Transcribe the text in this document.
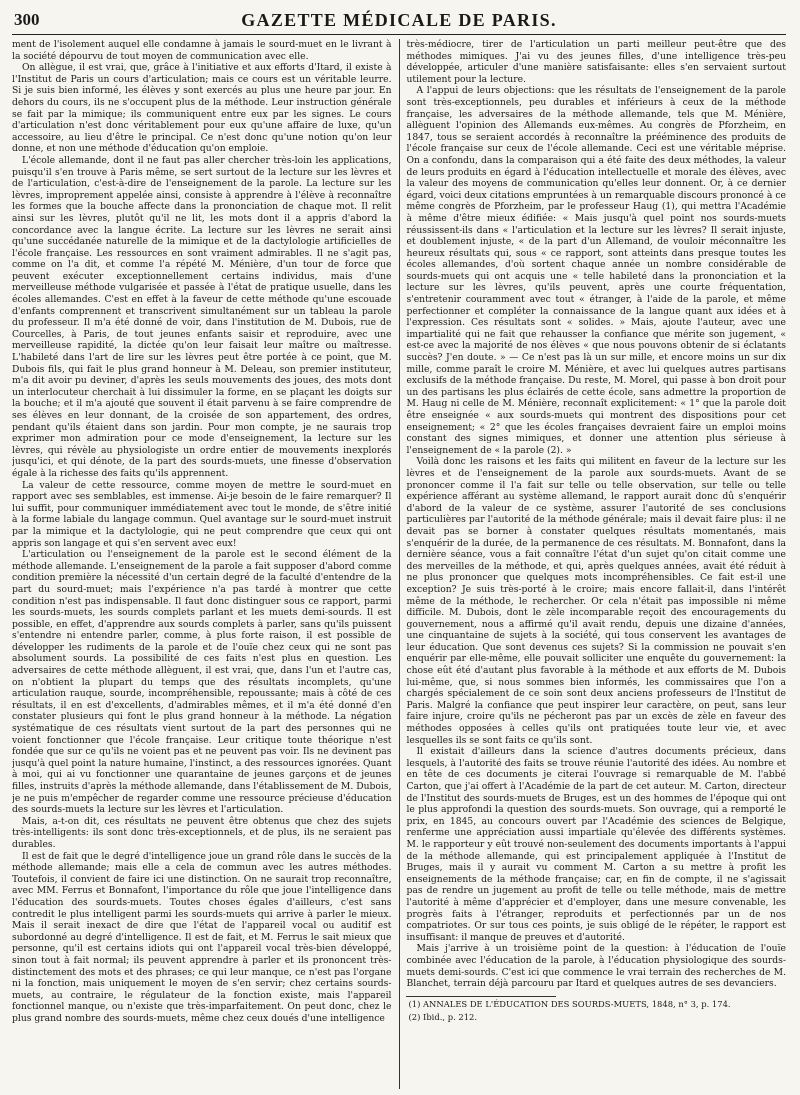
300	GAZETTE MÉDICALE DE PARIS.

ment de l'isolement auquel elle condamne à jamais le sourd-muet en le livrant à la société dépourvu de tout moyen de communication avec elle.

On allègue, il est vrai, que, grâce à l'initiative et aux efforts d'Itard, il existe à l'Institut de Paris un cours d'articulation; mais ce cours est un véritable leurre. Si je suis bien informé, les élèves y sont exercés au plus une heure par jour. En dehors du cours, ils ne s'occupent plus de la méthode. Leur instruction générale se fait par la mimique; ils communiquent entre eux par les signes. Le cours d'articulation n'est donc véritablement pour eux qu'une affaire de luxe, qu'un accessoire, au lieu d'être le principal. Ce n'est donc qu'une notion qu'on leur donne, et non une méthode d'éducation qu'on emploie.

L'école allemande, dont il ne faut pas aller chercher très-loin les applications, puisqu'il s'en trouve à Paris même, se sert surtout de la lecture sur les lèvres et de l'articulation, c'est-à-dire de l'enseignement de la parole. La lecture sur les lèvres, improprement appelée ainsi, consiste à apprendre à l'élève à reconnaître les formes que la bouche affecte dans la prononciation de chaque mot. Il relit ainsi sur les lèvres, plutôt qu'il ne lit, les mots dont il a appris d'abord la concordance avec la langue écrite. La lecture sur les lèvres ne serait ainsi qu'une succédanée naturelle de la mimique et de la dactylologie artificielles de l'école française. Les ressources en sont vraiment admirables. Il ne s'agit pas, comme on l'a dit, et comme l'a répété M. Ménière, d'un tour de force que peuvent exécuter exceptionnellement certains individus, mais d'une merveilleuse méthode vulgarisée et passée à l'état de pratique usuelle, dans les écoles allemandes. C'est en effet à la faveur de cette méthode qu'une escouade d'enfants comprennent et transcrivent simultanément sur un tableau la parole du professeur. Il m'a été donné de voir, dans l'institution de M. Dubois, rue de Courcelles, à Paris, de tout jeunes enfants saisir et reproduire, avec une merveilleuse rapidité, la dictée qu'on leur faisait leur maître ou maîtresse. L'habileté dans l'art de lire sur les lèvres peut être portée à ce point, que M. Dubois fils, qui fait le plus grand honneur à M. Deleau, son premier instituteur, m'a dit avoir pu deviner, d'après les seuls mouvements des joues, des mots dont un interlocuteur cherchait à lui dissimuler la forme, en se plaçant les doigts sur la bouche; et il m'a ajouté que souvent il était parvenu à se faire comprendre de ses élèves en leur donnant, de la croisée de son appartement, des ordres, pendant qu'ils étaient dans son jardin. Pour mon compte, je ne saurais trop exprimer mon admiration pour ce mode d'enseignement, la lecture sur les lèvres, qui révèle au physiologiste un ordre entier de mouvements inexplorés jusqu'ici, et qui dénote, de la part des sourds-muets, une finesse d'observation égale à la richesse des faits qu'ils apprennent.

La valeur de cette ressource, comme moyen de mettre le sourd-muet en rapport avec ses semblables, est immense. Ai-je besoin de le faire remarquer? Il lui suffit, pour communiquer immédiatement avec tout le monde, de s'être initié à la forme labiale du langage commun. Quel avantage sur le sourd-muet instruit par la mimique et la dactylologie, qui ne peut comprendre que ceux qui ont appris son langage et qui s'en servent avec eux!

L'articulation ou l'enseignement de la parole est le second élément de la méthode allemande. L'enseignement de la parole a fait supposer d'abord comme condition première la nécessité d'un certain degré de la faculté d'entendre de la part du sourd-muet; mais l'expérience n'a pas tardé à montrer que cette condition n'est pas indispensable. Il faut donc distinguer sous ce rapport, parmi les sourds-muets, les sourds complets parlant et les muets demi-sourds. Il est possible, en effet, d'apprendre aux sourds complets à parler, sans qu'ils puissent s'entendre ni entendre parler, comme, à plus forte raison, il est possible de développer les rudiments de la parole et de l'ouïe chez ceux qui ne sont pas absolument sourds. La possibilité de ces faits n'est plus en question. Les adversaires de cette méthode allèguent, il est vrai, que, dans l'un et l'autre cas, on n'obtient la plupart du temps que des résultats incomplets, qu'une articulation rauque, sourde, incompréhensible, repoussante; mais à côté de ces résultats, il en est d'excellents, d'admirables mêmes, et il m'a été donné d'en constater plusieurs qui font le plus grand honneur à la méthode. La négation systématique de ces résultats vient surtout de la part des personnes qui ne voient fonctionner que l'école française. Leur critique toute théorique n'est fondée que sur ce qu'ils ne voient pas et ne peuvent pas voir. Ils ne devinent pas jusqu'à quel point la nature humaine, l'instinct, a des ressources ignorées. Quant à moi, qui ai vu fonctionner une quarantaine de jeunes garçons et de jeunes filles, instruits d'après la méthode allemande, dans l'établissement de M. Dubois, je ne puis m'empêcher de regarder comme une ressource précieuse d'éducation des sourds-muets la lecture sur les lèvres et l'articulation.

Mais, a-t-on dit, ces résultats ne peuvent être obtenus que chez des sujets très-intelligents: ils sont donc très-exceptionnels, et de plus, ils ne seraient pas durables.

Il est de fait que le degré d'intelligence joue un grand rôle dans le succès de la méthode allemande; mais elle a cela de commun avec les autres méthodes. Toutefois, il convient de faire ici une distinction. On ne saurait trop reconnaître, avec MM. Ferrus et Bonnafont, l'importance du rôle que joue l'intelligence dans l'éducation des sourds-muets. Toutes choses égales d'ailleurs, c'est sans contredit le plus intelligent parmi les sourds-muets qui arrive à parler le mieux. Mais il serait inexact de dire que l'état de l'appareil vocal ou auditif est subordonné au degré d'intelligence. Il est de fait, et M. Ferrus le sait mieux que personne, qu'il est certains idiots qui ont l'appareil vocal très-bien développé, sinon tout à fait normal; ils peuvent apprendre à parler et ils prononcent très-distinctement des mots et des phrases; ce qui leur manque, ce n'est pas l'organe ni la fonction, mais uniquement le moyen de s'en servir; chez certains sourds-muets, au contraire, le régulateur de la fonction existe, mais l'appareil fonctionnel manque, ou n'existe que très-imparfaitement. On peut donc, chez le plus grand nombre des sourds-muets, même chez ceux doués d'une intelligence

très-médiocre, tirer de l'articulation un parti meilleur peut-être que des méthodes mimiques. J'ai vu des jeunes filles, d'une intelligence très-peu développée, articuler d'une manière satisfaisante: elles s'en servaient surtout utilement pour la lecture.

A l'appui de leurs objections: que les résultats de l'enseignement de la parole sont très-exceptionnels, peu durables et inférieurs à ceux de la méthode française, les adversaires de la méthode allemande, tels que M. Ménière, allèguent l'opinion des Allemands eux-mêmes. Au congrès de Pforzheim, en 1847, tous se seraient accordés à reconnaître la prééminence des produits de l'école française sur ceux de l'école allemande. Ceci est une véritable méprise. On a confondu, dans la comparaison qui a été faite des deux méthodes, la valeur de leurs produits en égard à l'éducation intellectuelle et morale des élèves, avec la valeur des moyens de communication qu'elles leur donnent. Or, à ce dernier égard, voici deux citations empruntées à un remarquable discours prononcé à ce même congrès de Pforzheim, par le professeur Haug (1), qui mettra l'Académie à même d'être mieux édifiée: « Mais jusqu'à quel point nos sourds-muets réussissent-ils dans « l'articulation et la lecture sur les lèvres? Il serait injuste, et doublement injuste, « de la part d'un Allemand, de vouloir méconnaître les heureux résultats qui, sous « ce rapport, sont atteints dans presque toutes les écoles allemandes, d'où sortent chaque année un nombre considérable de sourds-muets qui ont acquis une « telle habileté dans la prononciation et la lecture sur les lèvres, qu'ils peuvent, après une courte fréquentation, s'entretenir couramment avec tout « étranger, à l'aide de la parole, et même perfectionner et compléter la connaissance de la langue quant aux idées et à l'expression. Ces résultats sont « solides. » Mais, ajoute l'auteur, avec une impartialité qui ne fait que rehausser la confiance que mérite son jugement, « est-ce avec la majorité de nos élèves « que nous pouvons obtenir de si éclatants succès? J'en doute. » — Ce n'est pas là un sur mille, et encore moins un sur dix mille, comme paraît le croire M. Ménière, et avec lui quelques autres partisans exclusifs de la méthode française. Du reste, M. Morel, qui passe à bon droit pour un des partisans les plus éclairés de cette école, sans admettre la proportion de M. Haug ni celle de M. Ménière, reconnaît explicitement: « 1° que la parole doit être enseignée « aux sourds-muets qui montrent des dispositions pour cet enseignement; « 2° que les écoles françaises devraient faire un emploi moins constant des signes mimiques, et donner une attention plus sérieuse à l'enseignement de « la parole (2). »

Voilà donc les raisons et les faits qui militent en faveur de la lecture sur les lèvres et de l'enseignement de la parole aux sourds-muets. Avant de se prononcer comme il l'a fait sur telle ou telle observation, sur telle ou telle expérience afférant au système allemand, le rapport aurait donc dû s'enquérir d'abord de la valeur de ce système, assurer l'autorité de ses conclusions particulières par l'autorité de la méthode générale; mais il devait faire plus: il ne devait pas se borner à constater quelques résultats momentanés, mais s'enquérir de la durée, de la permanence de ces résultats. M. Bonnafont, dans la dernière séance, vous a fait connaître l'état d'un sujet qu'on citait comme une des merveilles de la méthode, et qui, après quelques années, avait été réduit à ne plus prononcer que quelques mots incompréhensibles. Ce fait est-il une exception? Je suis très-porté à le croire; mais encore fallait-il, dans l'intérêt même de la méthode, le rechercher. Or cela n'était pas impossible ni même difficile. M. Dubois, dont le zèle incomparable reçoit des encouragements du gouvernement, nous a affirmé qu'il avait rendu, depuis une dizaine d'années, une cinquantaine de sujets à la société, qui tous conservent les avantages de leur éducation. Que sont devenus ces sujets? Si la commission ne pouvait s'en enquérir par elle-même, elle pouvait solliciter une enquête du gouvernement: la chose eût été d'autant plus favorable à la méthode et aux efforts de M. Dubois lui-même, que, si nous sommes bien informés, les commissaires que l'on a chargés spécialement de ce soin sont deux anciens professeurs de l'Institut de Paris. Malgré la confiance que peut inspirer leur caractère, on peut, sans leur faire injure, croire qu'ils ne pécheront pas par un excès de zèle en faveur des méthodes opposées à celles qu'ils ont pratiquées toute leur vie, et avec lesquelles ils se sont faits ce qu'ils sont.

Il existait d'ailleurs dans la science d'autres documents précieux, dans lesquels, à l'autorité des faits se trouve réunie l'autorité des idées. Au nombre et en tête de ces documents je citerai l'ouvrage si remarquable de M. l'abbé Carton, que j'ai offert à l'Académie de la part de cet auteur. M. Carton, directeur de l'Institut des sourds-muets de Bruges, est un des hommes de l'époque qui ont le plus approfondi la question des sourds-muets. Son ouvrage, qui a remporté le prix, en 1845, au concours ouvert par l'Académie des sciences de Belgique, renferme une appréciation aussi impartiale qu'élevée des différents systèmes. M. le rapporteur y eût trouvé non-seulement des documents importants à l'appui de la méthode allemande, qui est principalement appliquée à l'Institut de Bruges, mais il y aurait vu comment M. Carton a su mettre à profit les enseignements de la méthode française; car, en fin de compte, il ne s'agissait pas de rendre un jugement au profit de telle ou telle méthode, mais de mettre l'autorité à même d'apprécier et d'employer, dans une mesure convenable, les progrès faits à l'étranger, reproduits et perfectionnés par un de nos compatriotes. Or sur tous ces points, je suis obligé de le répéter, le rapport est insuffisant: il manque de preuves et d'autorité.

Mais j'arrive à un troisième point de la question: à l'éducation de l'ouïe combinée avec l'éducation de la parole, à l'éducation physiologique des sourds-muets demi-sourds. C'est ici que commence le vrai terrain des recherches de M. Blanchet, terrain déjà parcouru par Itard et quelques autres de ses devanciers.

(1) ANNALES DE L'ÉDUCATION DES SOURDS-MUETS, 1848, n° 3, p. 174.
(2) Ibid., p. 212.
